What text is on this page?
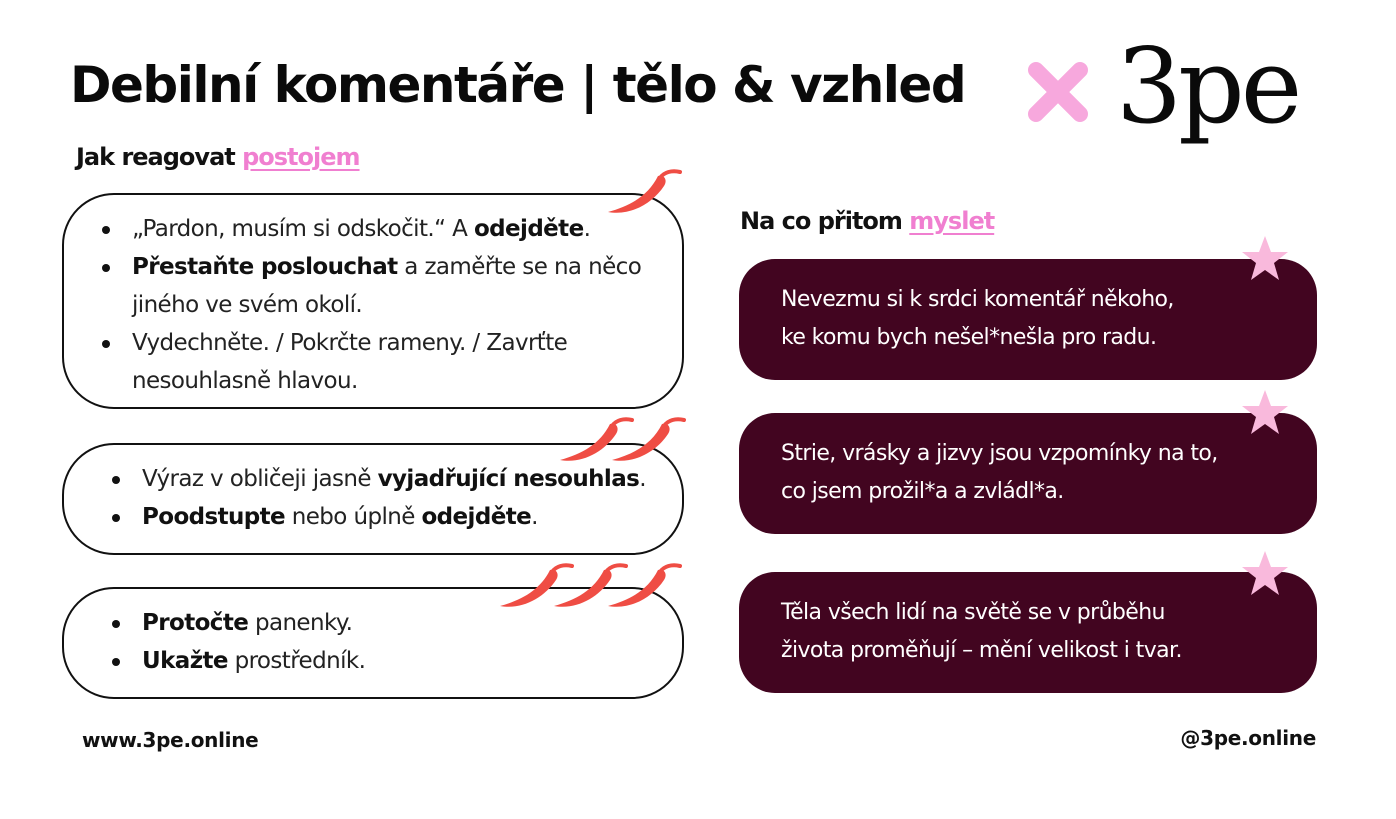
Debilní komentáře | tělo & vzhled 3pe
Jak reagovat postojem
„Pardon, musím si odskočit.“ A odejděte.
Přestaňte poslouchat a zaměřte se na něco
jiného ve svém okolí.
Vydechněte. / Pokrčte rameny. / Zavrťte
nesouhlasně hlavou.
Výraz v obličeji jasně vyjadřující nesouhlas.
Poodstupte nebo úplně odejděte.
Protočte panenky.
Ukažte prostředník.
Na co přitom myslet

Nevezmu si k srdci komentář někoho,

ke komu bych nešel*nešla pro radu.

Strie, vrásky a jizvy jsou vzpomínky na to,

co jsem prožil*a a zvládl*a.

Těla všech lidí na světě se v průběhu

života proměňují – mění velikost i tvar.

www.3pe.online	@3pe.online
